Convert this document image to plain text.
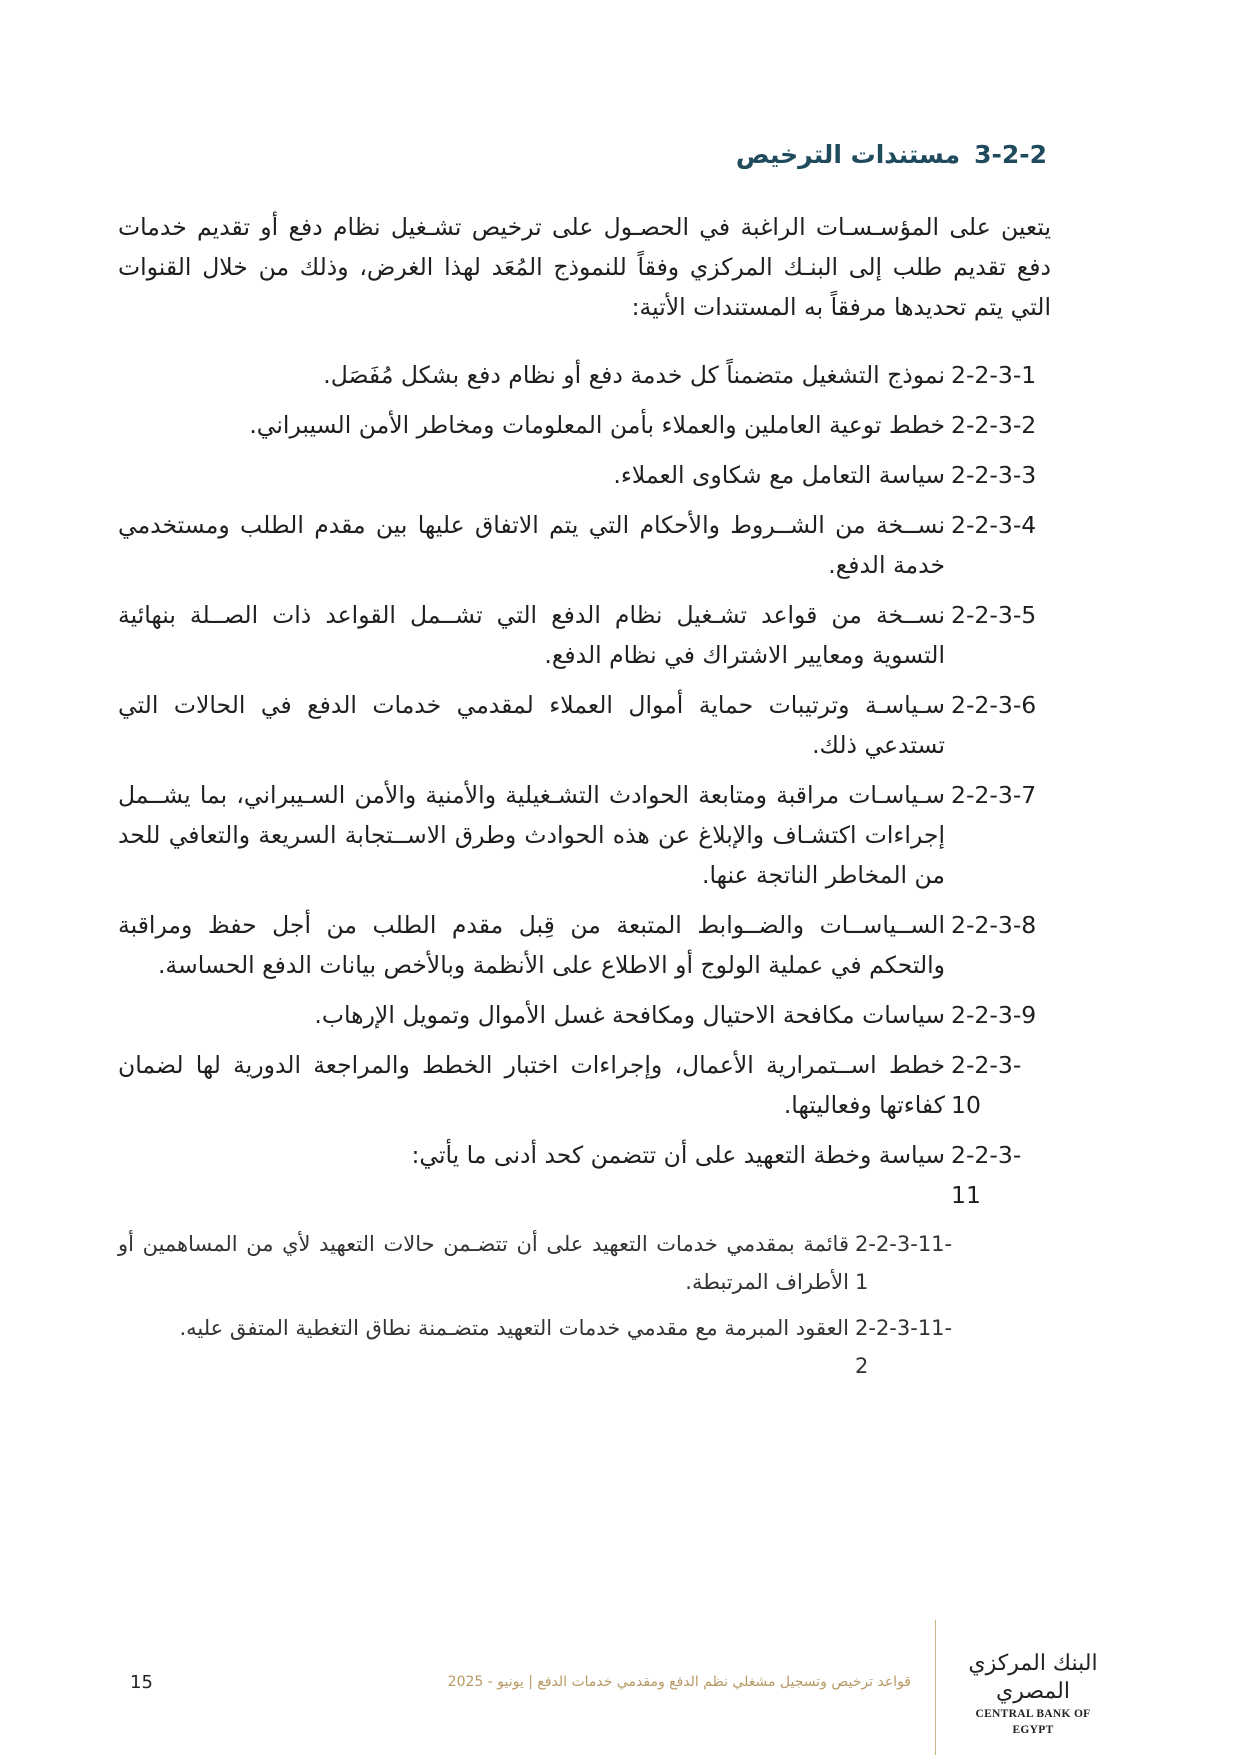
3-2-2
مستندات الترخيص

يتعين على المؤسـسـات الراغبة في الحصـول على ترخيص تشـغيل نظام دفع أو تقديم خدمات دفع تقديم طلب إلى البنـك المركزي وفقاً للنموذج المُعَد لهذا الغرض، وذلك من خلال القنوات التي يتم تحديدها مرفقاً به المستندات الأتية:

2-2-3-1
نموذج التشغيل متضمناً كل خدمة دفع أو نظام دفع بشكل مُفَصَل.
2-2-3-2
خطط توعية العاملين والعملاء بأمن المعلومات ومخاطر الأمن السيبراني.
2-2-3-3
سياسة التعامل مع شكاوى العملاء.
2-2-3-4
نســخة من الشــروط والأحكام التي يتم الاتفاق عليها بين مقدم الطلب ومستخدمي خدمة الدفع.
2-2-3-5
نســخة من قواعد تشـغيل نظام الدفع التي تشــمل القواعد ذات الصــلة بنهائية التسوية ومعايير الاشتراك في نظام الدفع.
2-2-3-6
سـياسـة وترتيبات حماية أموال العملاء لمقدمي خدمات الدفع في الحالات التي تستدعي ذلك.
2-2-3-7
سـياسـات مراقبة ومتابعة الحوادث التشـغيلية والأمنية والأمن السـيبراني، بما يشــمل إجراءات اكتشـاف والإبلاغ عن هذه الحوادث وطرق الاســتجابة السريعة والتعافي للحد من المخاطر الناتجة عنها.
2-2-3-8
الســياســات والضــوابط المتبعة من قِبل مقدم الطلب من أجل حفظ ومراقبة والتحكم في عملية الولوج أو الاطلاع على الأنظمة وبالأخص بيانات الدفع الحساسة.
2-2-3-9
سياسات مكافحة الاحتيال ومكافحة غسل الأموال وتمويل الإرهاب.
2-2-3-10
خطط اســتمرارية الأعمال، وإجراءات اختبار الخطط والمراجعة الدورية لها لضمان كفاءتها وفعاليتها.
2-2-3-11
سياسة وخطة التعهيد على أن تتضمن كحد أدنى ما يأتي:
2-2-3-11-1
قائمة بمقدمي خدمات التعهيد على أن تتضـمن حالات التعهيد لأي من المساهمين أو الأطراف المرتبطة.
2-2-3-11-2
العقود المبرمة مع مقدمي خدمات التعهيد متضـمنة نطاق التغطية المتفق عليه.
15	قواعد ترخيص وتسجيل مشغلي نظم الدفع ومقدمي خدمات الدفع | يونيو - 2025
البنك المركزي المصري
CENTRAL BANK OF EGYPT
